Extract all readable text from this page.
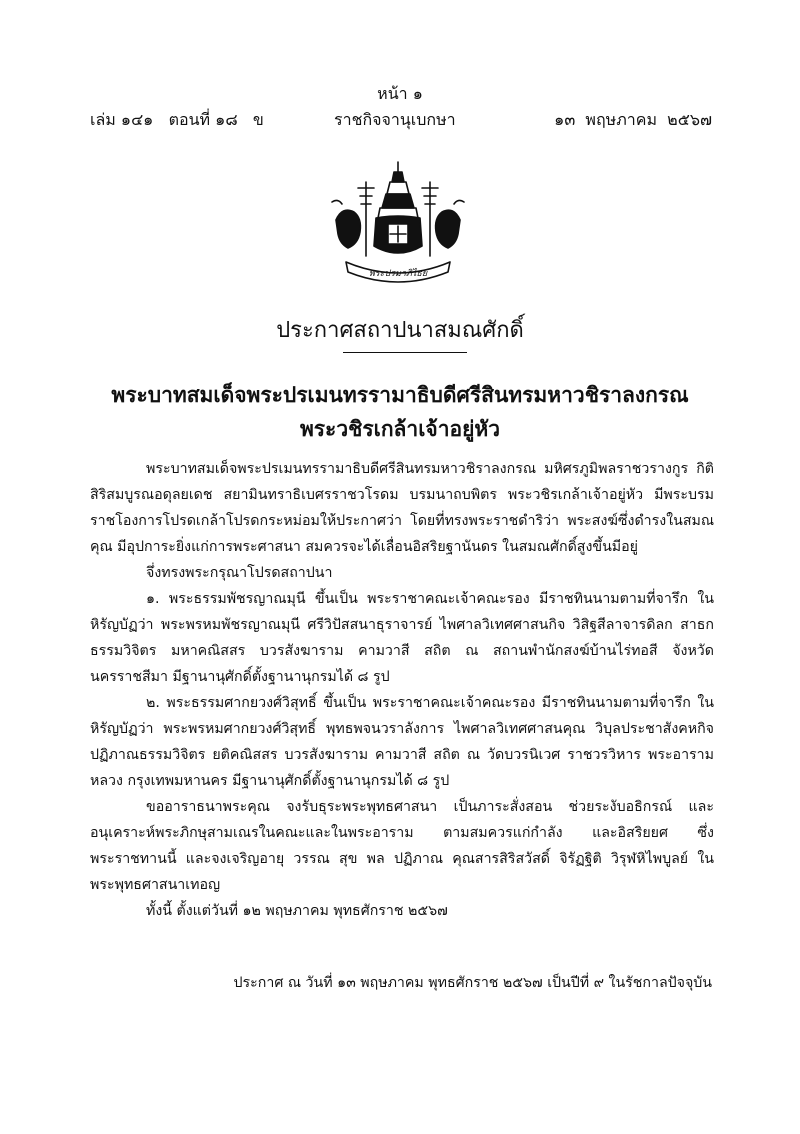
หน้า ๑
เล่ม ๑๔๑   ตอนที่ ๑๘   ข	ราชกิจจานุเบกษา	๑๓  พฤษภาคม  ๒๕๖๗
พระปรมาภิไธย
ประกาศสถาปนาสมณศักดิ์
พระบาทสมเด็จพระปรเมนทรรามาธิบดีศรีสินทรมหาวชิราลงกรณ
พระวชิรเกล้าเจ้าอยู่หัว

พระบาทสมเด็จพระปรเมนทรรามาธิบดีศรีสินทรมหาวชิราลงกรณ มหิศรภูมิพลราชวรางกูร กิติสิริสมบูรณอดุลยเดช สยามินทราธิเบศรราชวโรดม บรมนาถบพิตร พระวชิรเกล้าเจ้าอยู่หัว มีพระบรมราชโองการโปรดเกล้าโปรดกระหม่อมให้ประกาศว่า โดยที่ทรงพระราชดำริว่า พระสงฆ์ซึ่งดำรงในสมณคุณ มีอุปการะยิ่งแก่การพระศาสนา สมควรจะได้เลื่อนอิสริยฐานันดร ในสมณศักดิ์สูงขึ้นมีอยู่

จึ่งทรงพระกรุณาโปรดสถาปนา

๑. พระธรรมพัชรญาณมุนี ขึ้นเป็น พระราชาคณะเจ้าคณะรอง มีราชทินนามตามที่จารึก ในหิรัญบัฏว่า พระพรหมพัชรญาณมุนี ศรีวิปัสสนาธุราจารย์ ไพศาลวิเทศศาสนกิจ วิสิฐสีลาจารดิลก สาธกธรรมวิจิตร มหาคณิสสร บวรสังฆาราม คามวาสี สถิต ณ สถานพำนักสงฆ์บ้านไร่ทอสี จังหวัดนครราชสีมา มีฐานานุศักดิ์ตั้งฐานานุกรมได้ ๘ รูป

๒. พระธรรมศากยวงศ์วิสุทธิ์ ขึ้นเป็น พระราชาคณะเจ้าคณะรอง มีราชทินนามตามที่จารึก ในหิรัญบัฏว่า พระพรหมศากยวงศ์วิสุทธิ์ พุทธพจนวราลังการ ไพศาลวิเทศศาสนคุณ วิบุลประชาสังคหกิจ ปฏิภาณธรรมวิจิตร ยติคณิสสร บวรสังฆาราม คามวาสี สถิต ณ วัดบวรนิเวศ ราชวรวิหาร พระอารามหลวง กรุงเทพมหานคร มีฐานานุศักดิ์ตั้งฐานานุกรมได้ ๘ รูป

ขออาราธนาพระคุณ จงรับธุระพระพุทธศาสนา เป็นภาระสั่งสอน ช่วยระงับอธิกรณ์ และอนุเคราะห์พระภิกษุสามเณรในคณะและในพระอาราม ตามสมควรแก่กำลัง และอิสริยยศ ซึ่งพระราชทานนี้ และจงเจริญอายุ วรรณ สุข พล ปฏิภาณ คุณสารสิริสวัสดิ์ จิรัฏฐิติ วิรุฬหิไพบูลย์ ในพระพุทธศาสนาเทอญ

ทั้งนี้ ตั้งแต่วันที่ ๑๒ พฤษภาคม พุทธศักราช ๒๕๖๗

ประกาศ ณ วันที่ ๑๓ พฤษภาคม พุทธศักราช ๒๕๖๗ เป็นปีที่ ๙ ในรัชกาลปัจจุบัน
